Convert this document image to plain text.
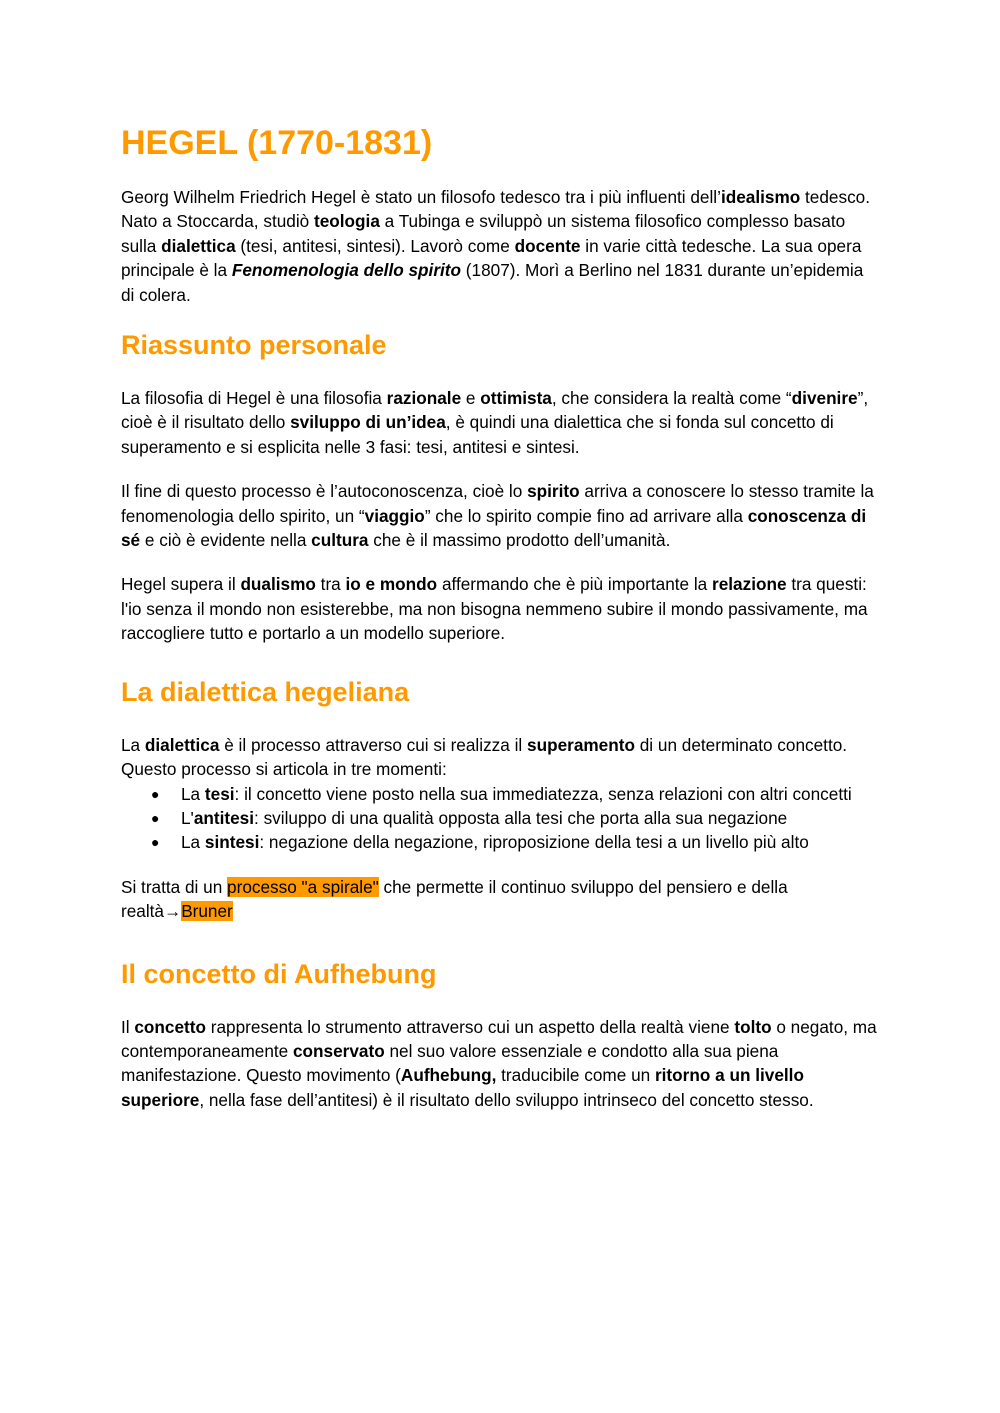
HEGEL (1770-1831)

Georg Wilhelm Friedrich Hegel è stato un filosofo tedesco tra i più influenti dell’idealismo tedesco. Nato a Stoccarda, studiò teologia a Tubinga e sviluppò un sistema filosofico complesso basato sulla dialettica (tesi, antitesi, sintesi). Lavorò come docente in varie città tedesche. La sua opera principale è la Fenomenologia dello spirito (1807). Morì a Berlino nel 1831 durante un’epidemia di colera.

Riassunto personale

La filosofia di Hegel è una filosofia razionale e ottimista, che considera la realtà come “divenire”, cioè è il risultato dello sviluppo di un’idea, è quindi una dialettica che si fonda sul concetto di superamento e si esplicita nelle 3 fasi: tesi, antitesi e sintesi.

Il fine di questo processo è l’autoconoscenza, cioè lo spirito arriva a conoscere lo stesso tramite la fenomenologia dello spirito, un “viaggio” che lo spirito compie fino ad arrivare alla conoscenza di sé e ciò è evidente nella cultura che è il massimo prodotto dell’umanità.

Hegel supera il dualismo tra io e mondo affermando che è più importante la relazione tra questi: l'io senza il mondo non esisterebbe, ma non bisogna nemmeno subire il mondo passivamente, ma raccogliere tutto e portarlo a un modello superiore.

La dialettica hegeliana

La dialettica è il processo attraverso cui si realizza il superamento di un determinato concetto. Questo processo si articola in tre momenti:

● La tesi: il concetto viene posto nella sua immediatezza, senza relazioni con altri concetti
● L'antitesi: sviluppo di una qualità opposta alla tesi che porta alla sua negazione
● La sintesi: negazione della negazione, riproposizione della tesi a un livello più alto

Si tratta di un processo "a spirale" che permette il continuo sviluppo del pensiero e della realtà→Bruner

Il concetto di Aufhebung

Il concetto rappresenta lo strumento attraverso cui un aspetto della realtà viene tolto o negato, ma contemporaneamente conservato nel suo valore essenziale e condotto alla sua piena manifestazione. Questo movimento (Aufhebung, traducibile come un ritorno a un livello superiore, nella fase dell’antitesi) è il risultato dello sviluppo intrinseco del concetto stesso.
